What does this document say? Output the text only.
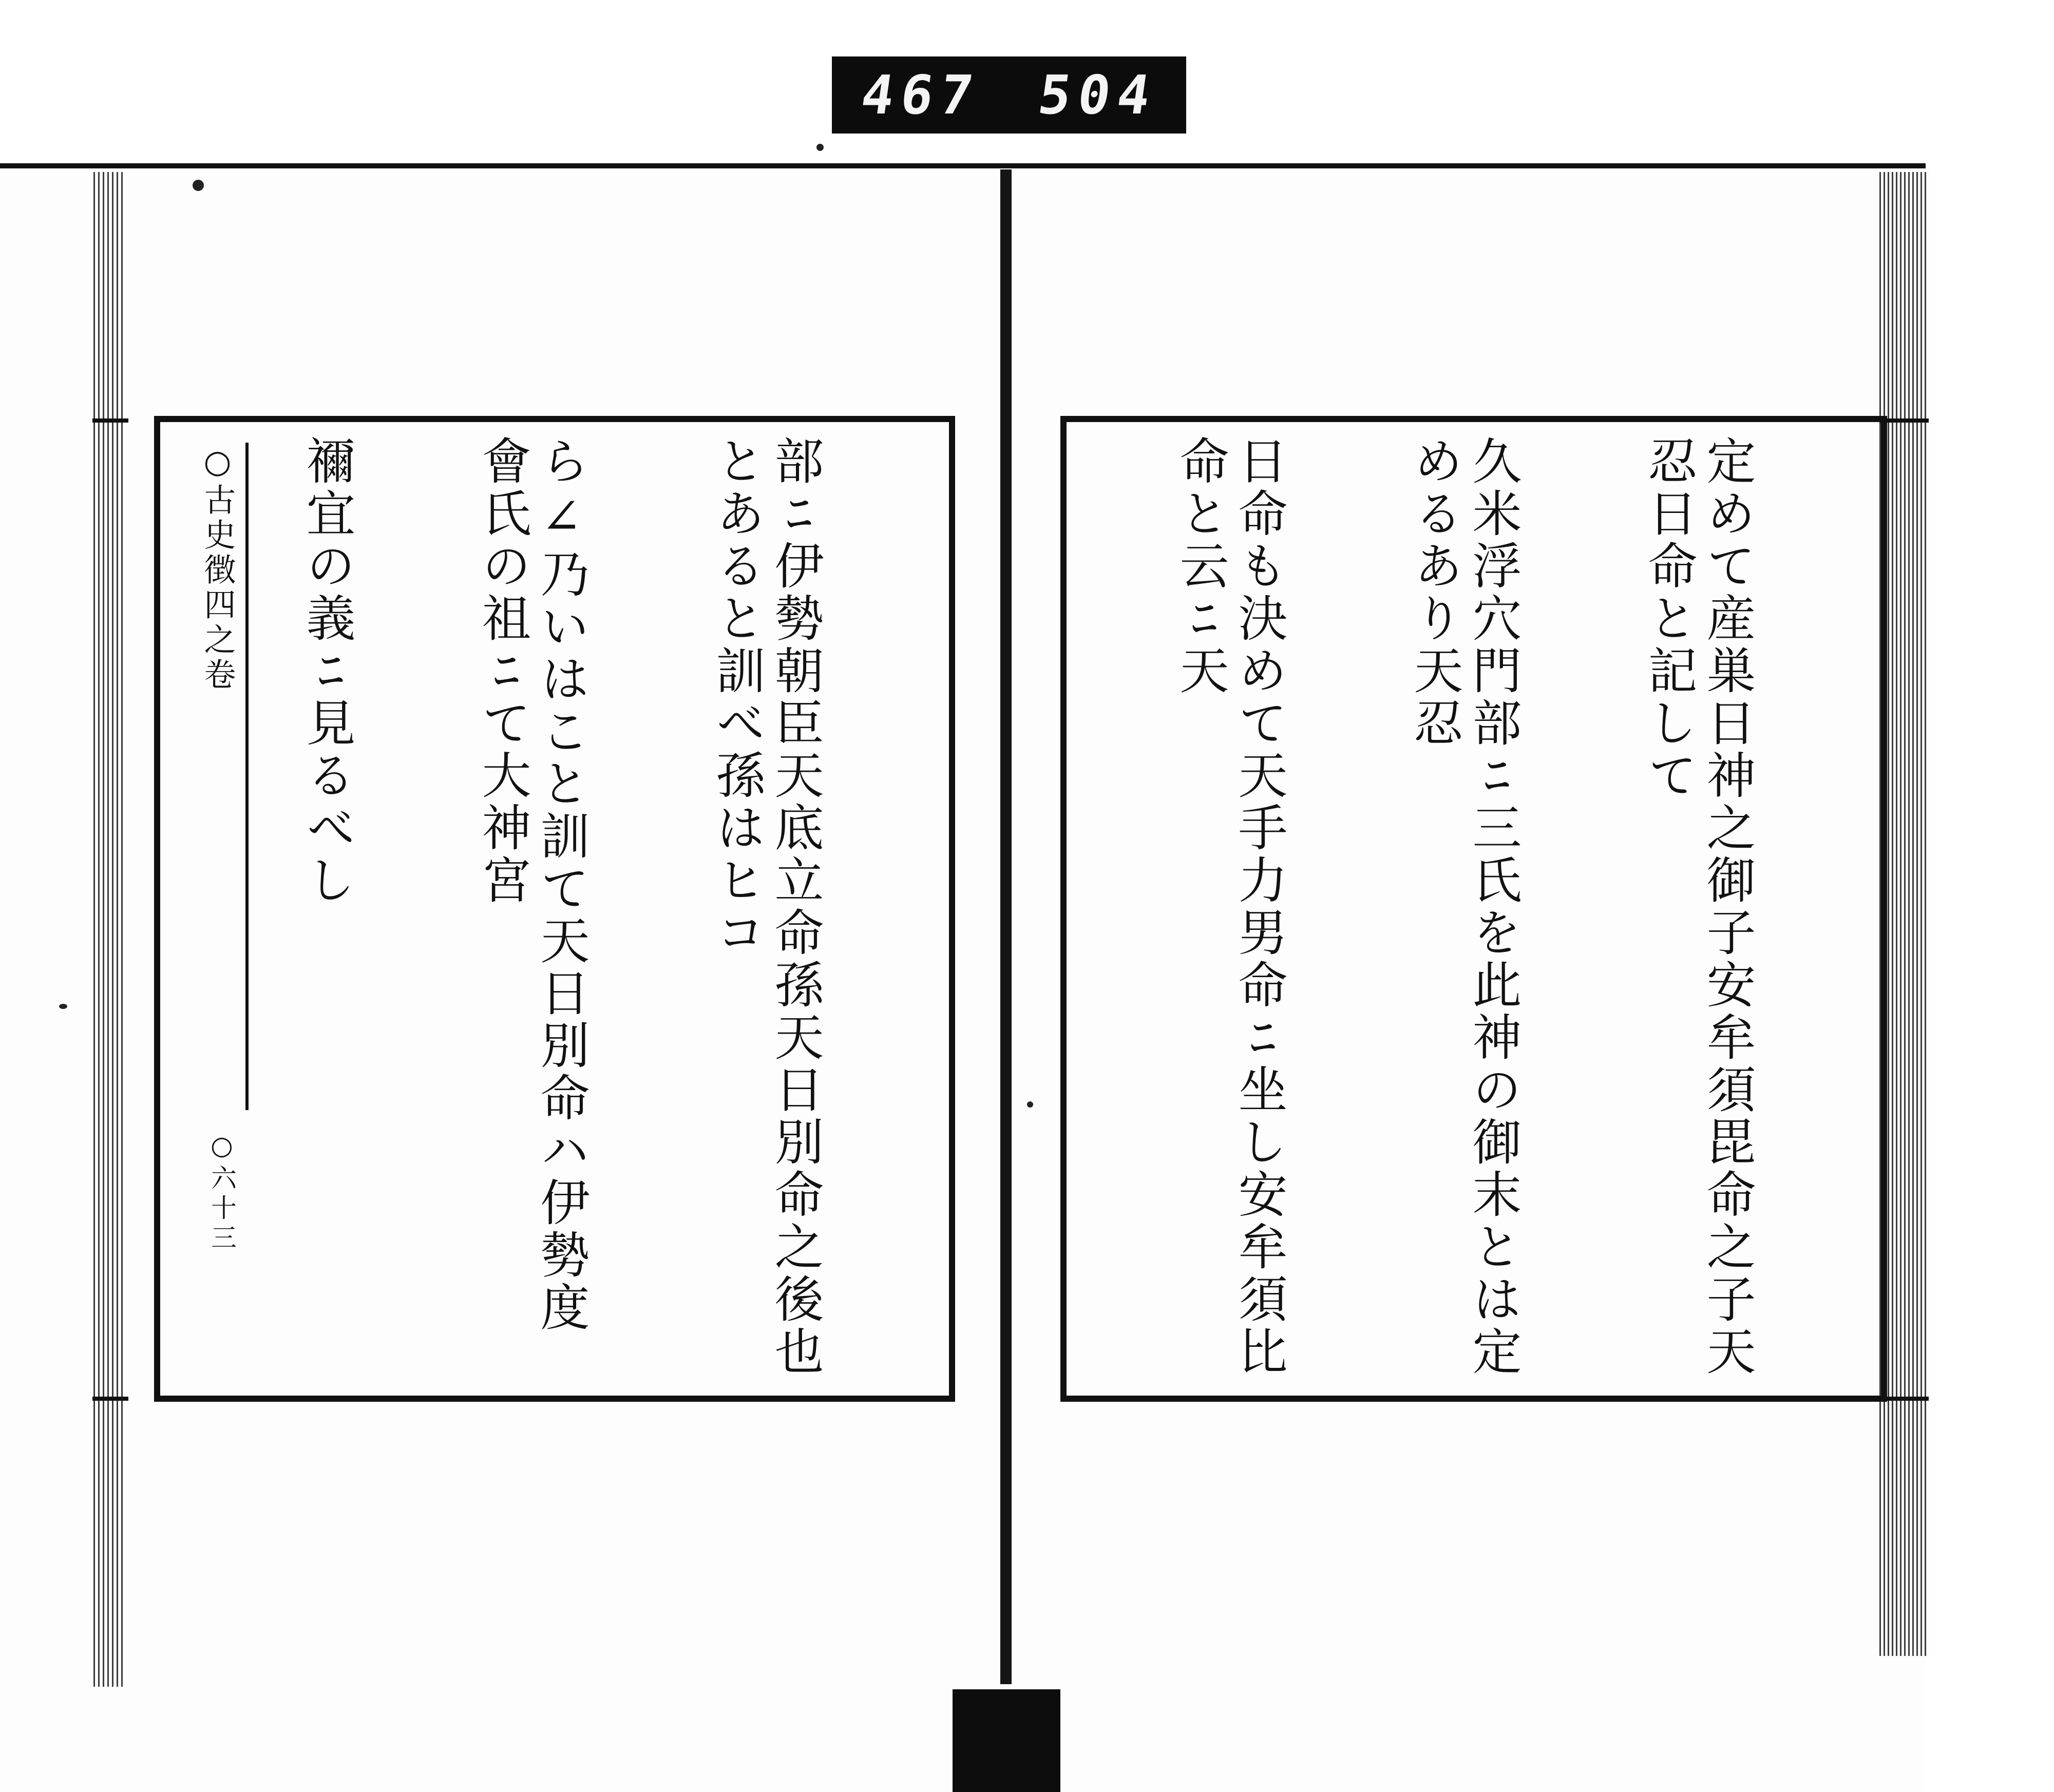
467 504

部ﾆ伊勢朝臣天底立命孫天日別命之後也とあると訓べ孫はヒコ

ら∠乃いはこと訓て天日別命ハ伊勢度會氏の祖ﾆて大神宮

禰宜の義ﾆ見るべし

○古史徴四之卷
○六十三

	定めて産巣日神之御子安牟須毘命之子天忍日命と記して

久米浮穴門部ﾆ三氏を此神の御末とは定めるあり天忍

日命も決めて天手力男命ﾆ坐し安牟須比命と云ﾆ天
